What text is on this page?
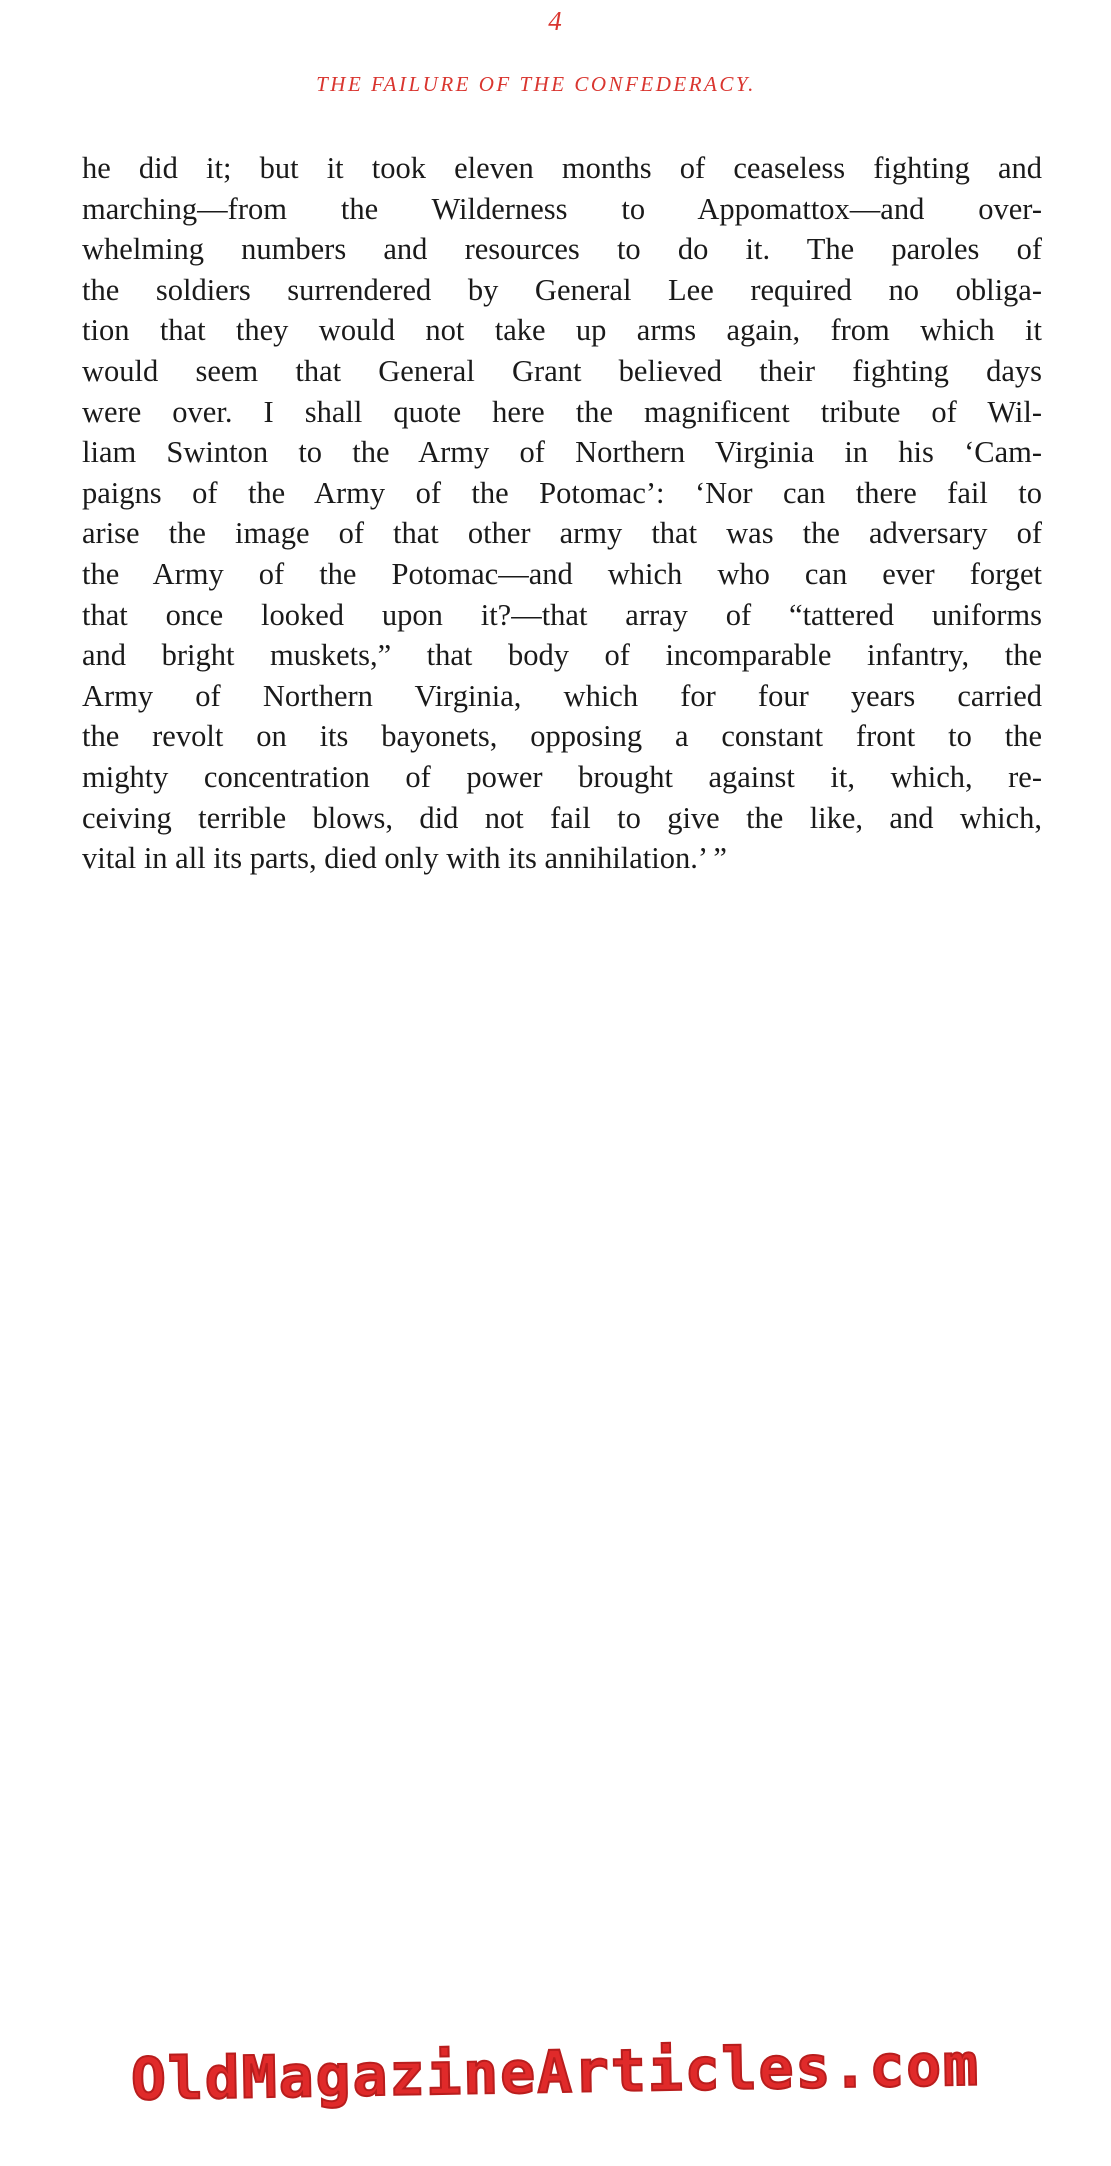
4
THE FAILURE OF THE CONFEDERACY.
he did it; but it took eleven months of ceaseless fighting and
marching—from the Wilderness to Appomattox—and over-
whelming numbers and resources to do it. The paroles of
the soldiers surrendered by General Lee required no obliga-
tion that they would not take up arms again, from which it
would seem that General Grant believed their fighting days
were over. I shall quote here the magnificent tribute of Wil-
liam Swinton to the Army of Northern Virginia in his ‘Cam-
paigns of the Army of the Potomac’: ‘Nor can there fail to
arise the image of that other army that was the adversary of
the Army of the Potomac—and which who can ever forget
that once looked upon it?—that array of “tattered uniforms
and bright muskets,” that body of incomparable infantry, the
Army of Northern Virginia, which for four years carried
the revolt on its bayonets, opposing a constant front to the
mighty concentration of power brought against it, which, re-
ceiving terrible blows, did not fail to give the like, and which,
vital in all its parts, died only with its annihilation.’ ”
OldMagazineArticles.com
